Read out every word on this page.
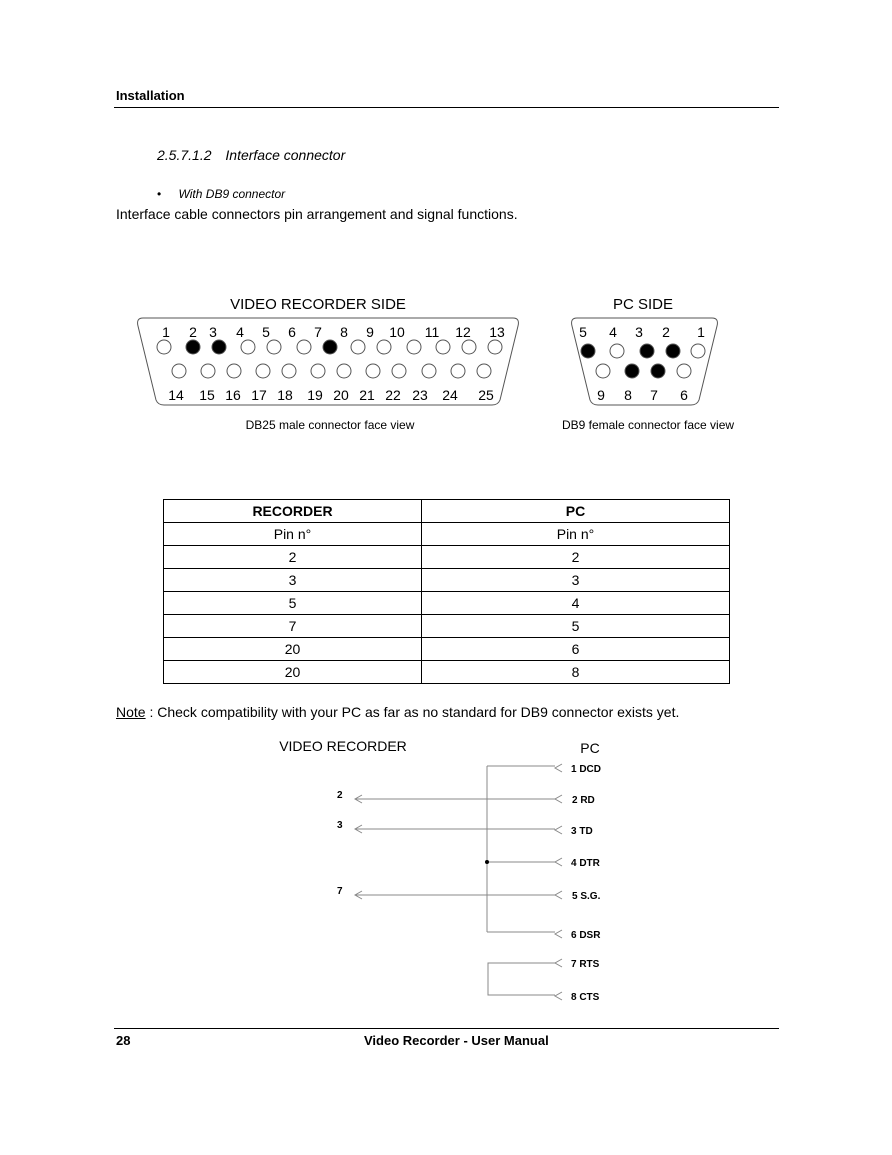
Installation
2.5.7.1.2 Interface connector
• With DB9 connector
Interface cable connectors pin arrangement and signal functions.
VIDEO RECORDER SIDE
1 2 3 4 5 6 7 8 9 10 11 12 13
14 15 16 17 18 19 20 21 22 23 24 25
DB25 male connector face view
PC SIDE
5 4 3 2 1
9 8 7 6
DB9 female connector face view
VIDEO RECORDER	PC
1 DCD
2 RD
3 TD
4 DTR
5 S.G.
6 DSR
7 RTS
8 CTS
2
3
7
RECORDER	PC
Pin n°	Pin n°
2	2
3	3
5	4
7	5
20	6
20	8
Note : Check compatibility with your PC as far as no standard for DB9 connector exists yet.
28	Video Recorder - User Manual
